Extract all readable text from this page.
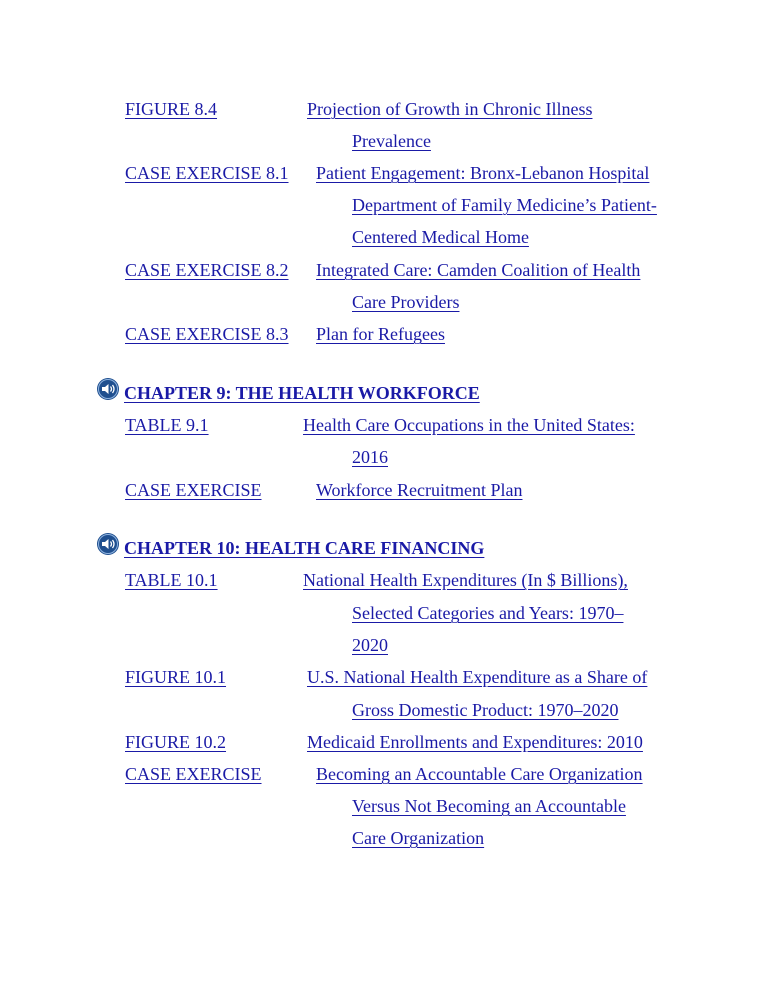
FIGURE 8.4	Projection of Growth in Chronic Illness
Prevalence
CASE EXERCISE 8.1 Patient Engagement: Bronx-Lebanon Hospital
Department of Family Medicine’s Patient-
Centered Medical Home
CASE EXERCISE 8.2 Integrated Care: Camden Coalition of Health
Care Providers
CASE EXERCISE 8.3 Plan for Refugees
CHAPTER 9: THE HEALTH WORKFORCE
TABLE 9.1	Health Care Occupations in the United States:
2016
CASE EXERCISE	Workforce Recruitment Plan
CHAPTER 10: HEALTH CARE FINANCING
TABLE 10.1	National Health Expenditures (In $ Billions),
Selected Categories and Years: 1970–
2020
FIGURE 10.1	U.S. National Health Expenditure as a Share of
Gross Domestic Product: 1970–2020
FIGURE 10.2	Medicaid Enrollments and Expenditures: 2010
CASE EXERCISE	Becoming an Accountable Care Organization
Versus Not Becoming an Accountable
Care Organization
